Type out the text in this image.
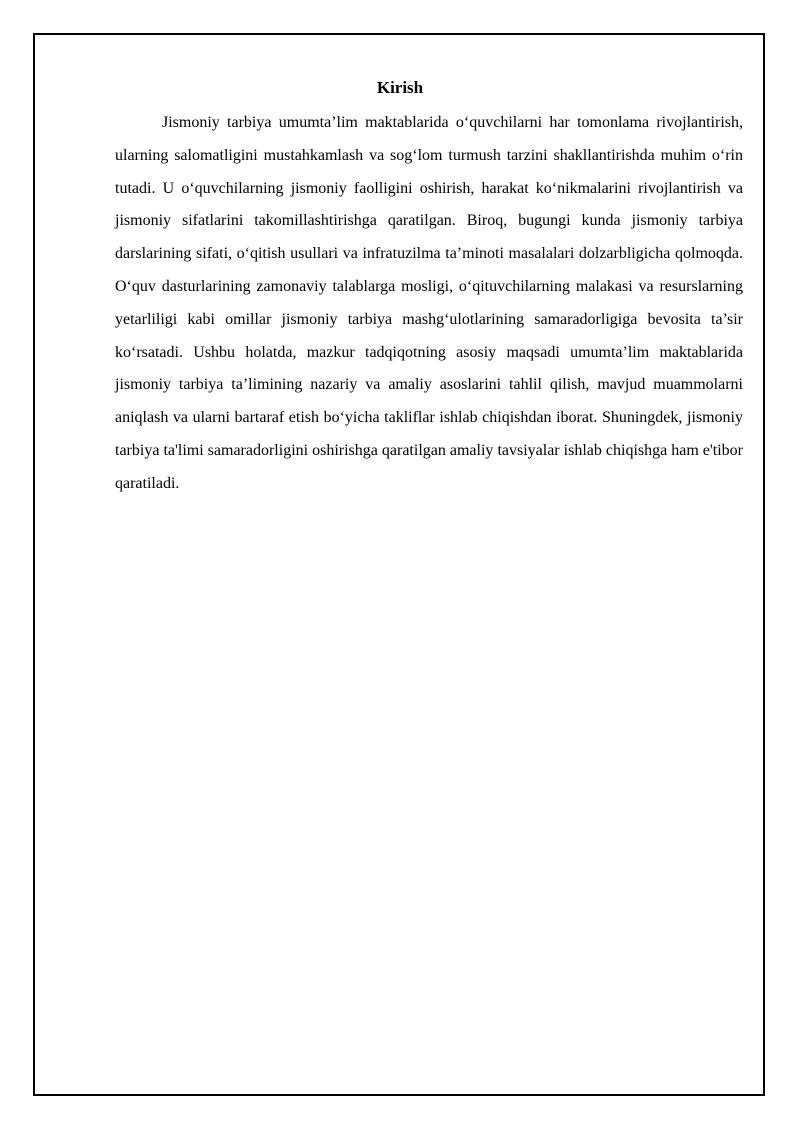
Kirish

Jismoniy tarbiya umumta’lim maktablarida o‘quvchilarni har tomonlama rivojlantirish, ularning salomatligini mustahkamlash va sog‘lom turmush tarzini shakllantirishda muhim o‘rin tutadi. U o‘quvchilarning jismoniy faolligini oshirish, harakat ko‘nikmalarini rivojlantirish va jismoniy sifatlarini takomillashtirishga qaratilgan. Biroq, bugungi kunda jismoniy tarbiya darslarining sifati, o‘qitish usullari va infratuzilma ta’minoti masalalari dolzarbligicha qolmoqda. O‘quv dasturlarining zamonaviy talablarga mosligi, o‘qituvchilarning malakasi va resurslarning yetarliligi kabi omillar jismoniy tarbiya mashg‘ulotlarining samaradorligiga bevosita ta’sir ko‘rsatadi. Ushbu holatda, mazkur tadqiqotning asosiy maqsadi umumta’lim maktablarida jismoniy tarbiya ta’limining nazariy va amaliy asoslarini tahlil qilish, mavjud muammolarni aniqlash va ularni bartaraf etish bo‘yicha takliflar ishlab chiqishdan iborat. Shuningdek, jismoniy tarbiya ta'limi samaradorligini oshirishga qaratilgan amaliy tavsiyalar ishlab chiqishga ham e'tibor qaratiladi.
